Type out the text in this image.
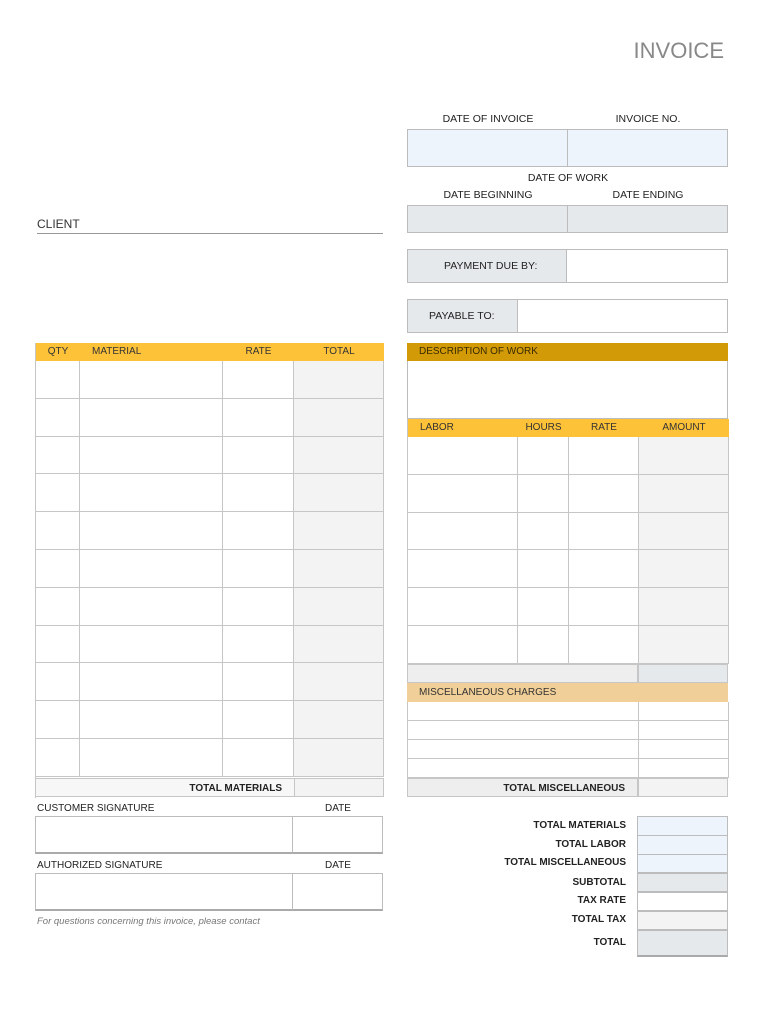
INVOICE
DATE OF INVOICE	INVOICE NO.
DATE OF WORK
DATE BEGINNING	DATE ENDING
CLIENT
PAYMENT DUE BY:
PAYABLE TO:
QTY	MATERIAL	RATE	TOTAL
TOTAL MATERIALS
DESCRIPTION OF WORK
LABOR	HOURS	RATE	AMOUNT
MISCELLANEOUS CHARGES
TOTAL MISCELLANEOUS
CUSTOMER SIGNATURE	DATE
AUTHORIZED SIGNATURE	DATE
For questions concerning this invoice, please contact
TOTAL MATERIALS
TOTAL LABOR
TOTAL MISCELLANEOUS
SUBTOTAL
TAX RATE
TOTAL TAX
TOTAL
